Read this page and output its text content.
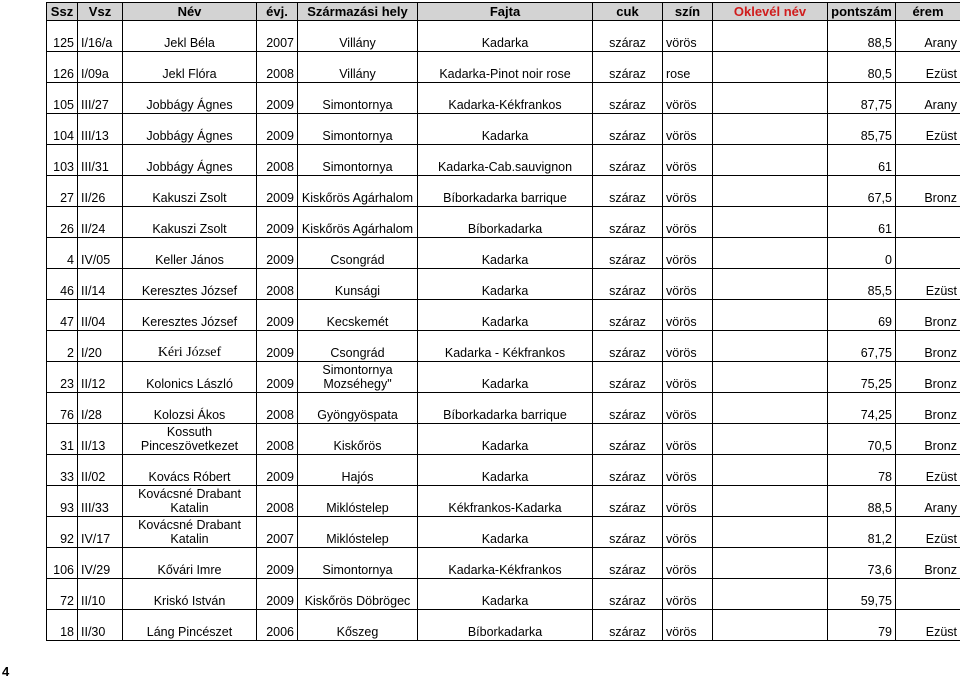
Ssz	Vsz	Név	évj.	Származási hely	Fajta	cuk	szín	Oklevél név	pontszám	érem
125	I/16/a	Jekl Béla	2007	Villány	Kadarka	száraz	vörös		88,5	Arany
126	I/09a	Jekl Flóra	2008	Villány	Kadarka-Pinot noir rose	száraz	rose		80,5	Ezüst
105	III/27	Jobbágy Ágnes	2009	Simontornya	Kadarka-Kékfrankos	száraz	vörös		87,75	Arany
104	III/13	Jobbágy Ágnes	2009	Simontornya	Kadarka	száraz	vörös		85,75	Ezüst
103	III/31	Jobbágy Ágnes	2008	Simontornya	Kadarka-Cab.sauvignon	száraz	vörös		61	
27	II/26	Kakuszi Zsolt	2009	Kiskőrös Agárhalom	Bíborkadarka barrique	száraz	vörös		67,5	Bronz
26	II/24	Kakuszi Zsolt	2009	Kiskőrös Agárhalom	Bíborkadarka	száraz	vörös		61	
4	IV/05	Keller János	2009	Csongrád	Kadarka	száraz	vörös		0	
46	II/14	Keresztes József	2008	Kunsági	Kadarka	száraz	vörös		85,5	Ezüst
47	II/04	Keresztes József	2009	Kecskemét	Kadarka	száraz	vörös		69	Bronz
2	I/20	Kéri József	2009	Csongrád	Kadarka - Kékfrankos	száraz	vörös		67,75	Bronz
23	II/12	Kolonics László	2009	Simontornya Mozséhegy"	Kadarka	száraz	vörös		75,25	Bronz
76	I/28	Kolozsi Ákos	2008	Gyöngyöspata	Bíborkadarka barrique	száraz	vörös		74,25	Bronz
31	II/13	Kossuth Pinceszövetkezet	2008	Kiskőrös	Kadarka	száraz	vörös		70,5	Bronz
33	II/02	Kovács Róbert	2009	Hajós	Kadarka	száraz	vörös		78	Ezüst
93	III/33	Kovácsné Drabant Katalin	2008	Miklóstelep	Kékfrankos-Kadarka	száraz	vörös		88,5	Arany
92	IV/17	Kovácsné Drabant Katalin	2007	Miklóstelep	Kadarka	száraz	vörös		81,2	Ezüst
106	IV/29	Kővári Imre	2009	Simontornya	Kadarka-Kékfrankos	száraz	vörös		73,6	Bronz
72	II/10	Kriskó István	2009	Kiskőrös Döbrögec	Kadarka	száraz	vörös		59,75	
18	II/30	Láng Pincészet	2006	Kőszeg	Bíborkadarka	száraz	vörös		79	Ezüst
4
